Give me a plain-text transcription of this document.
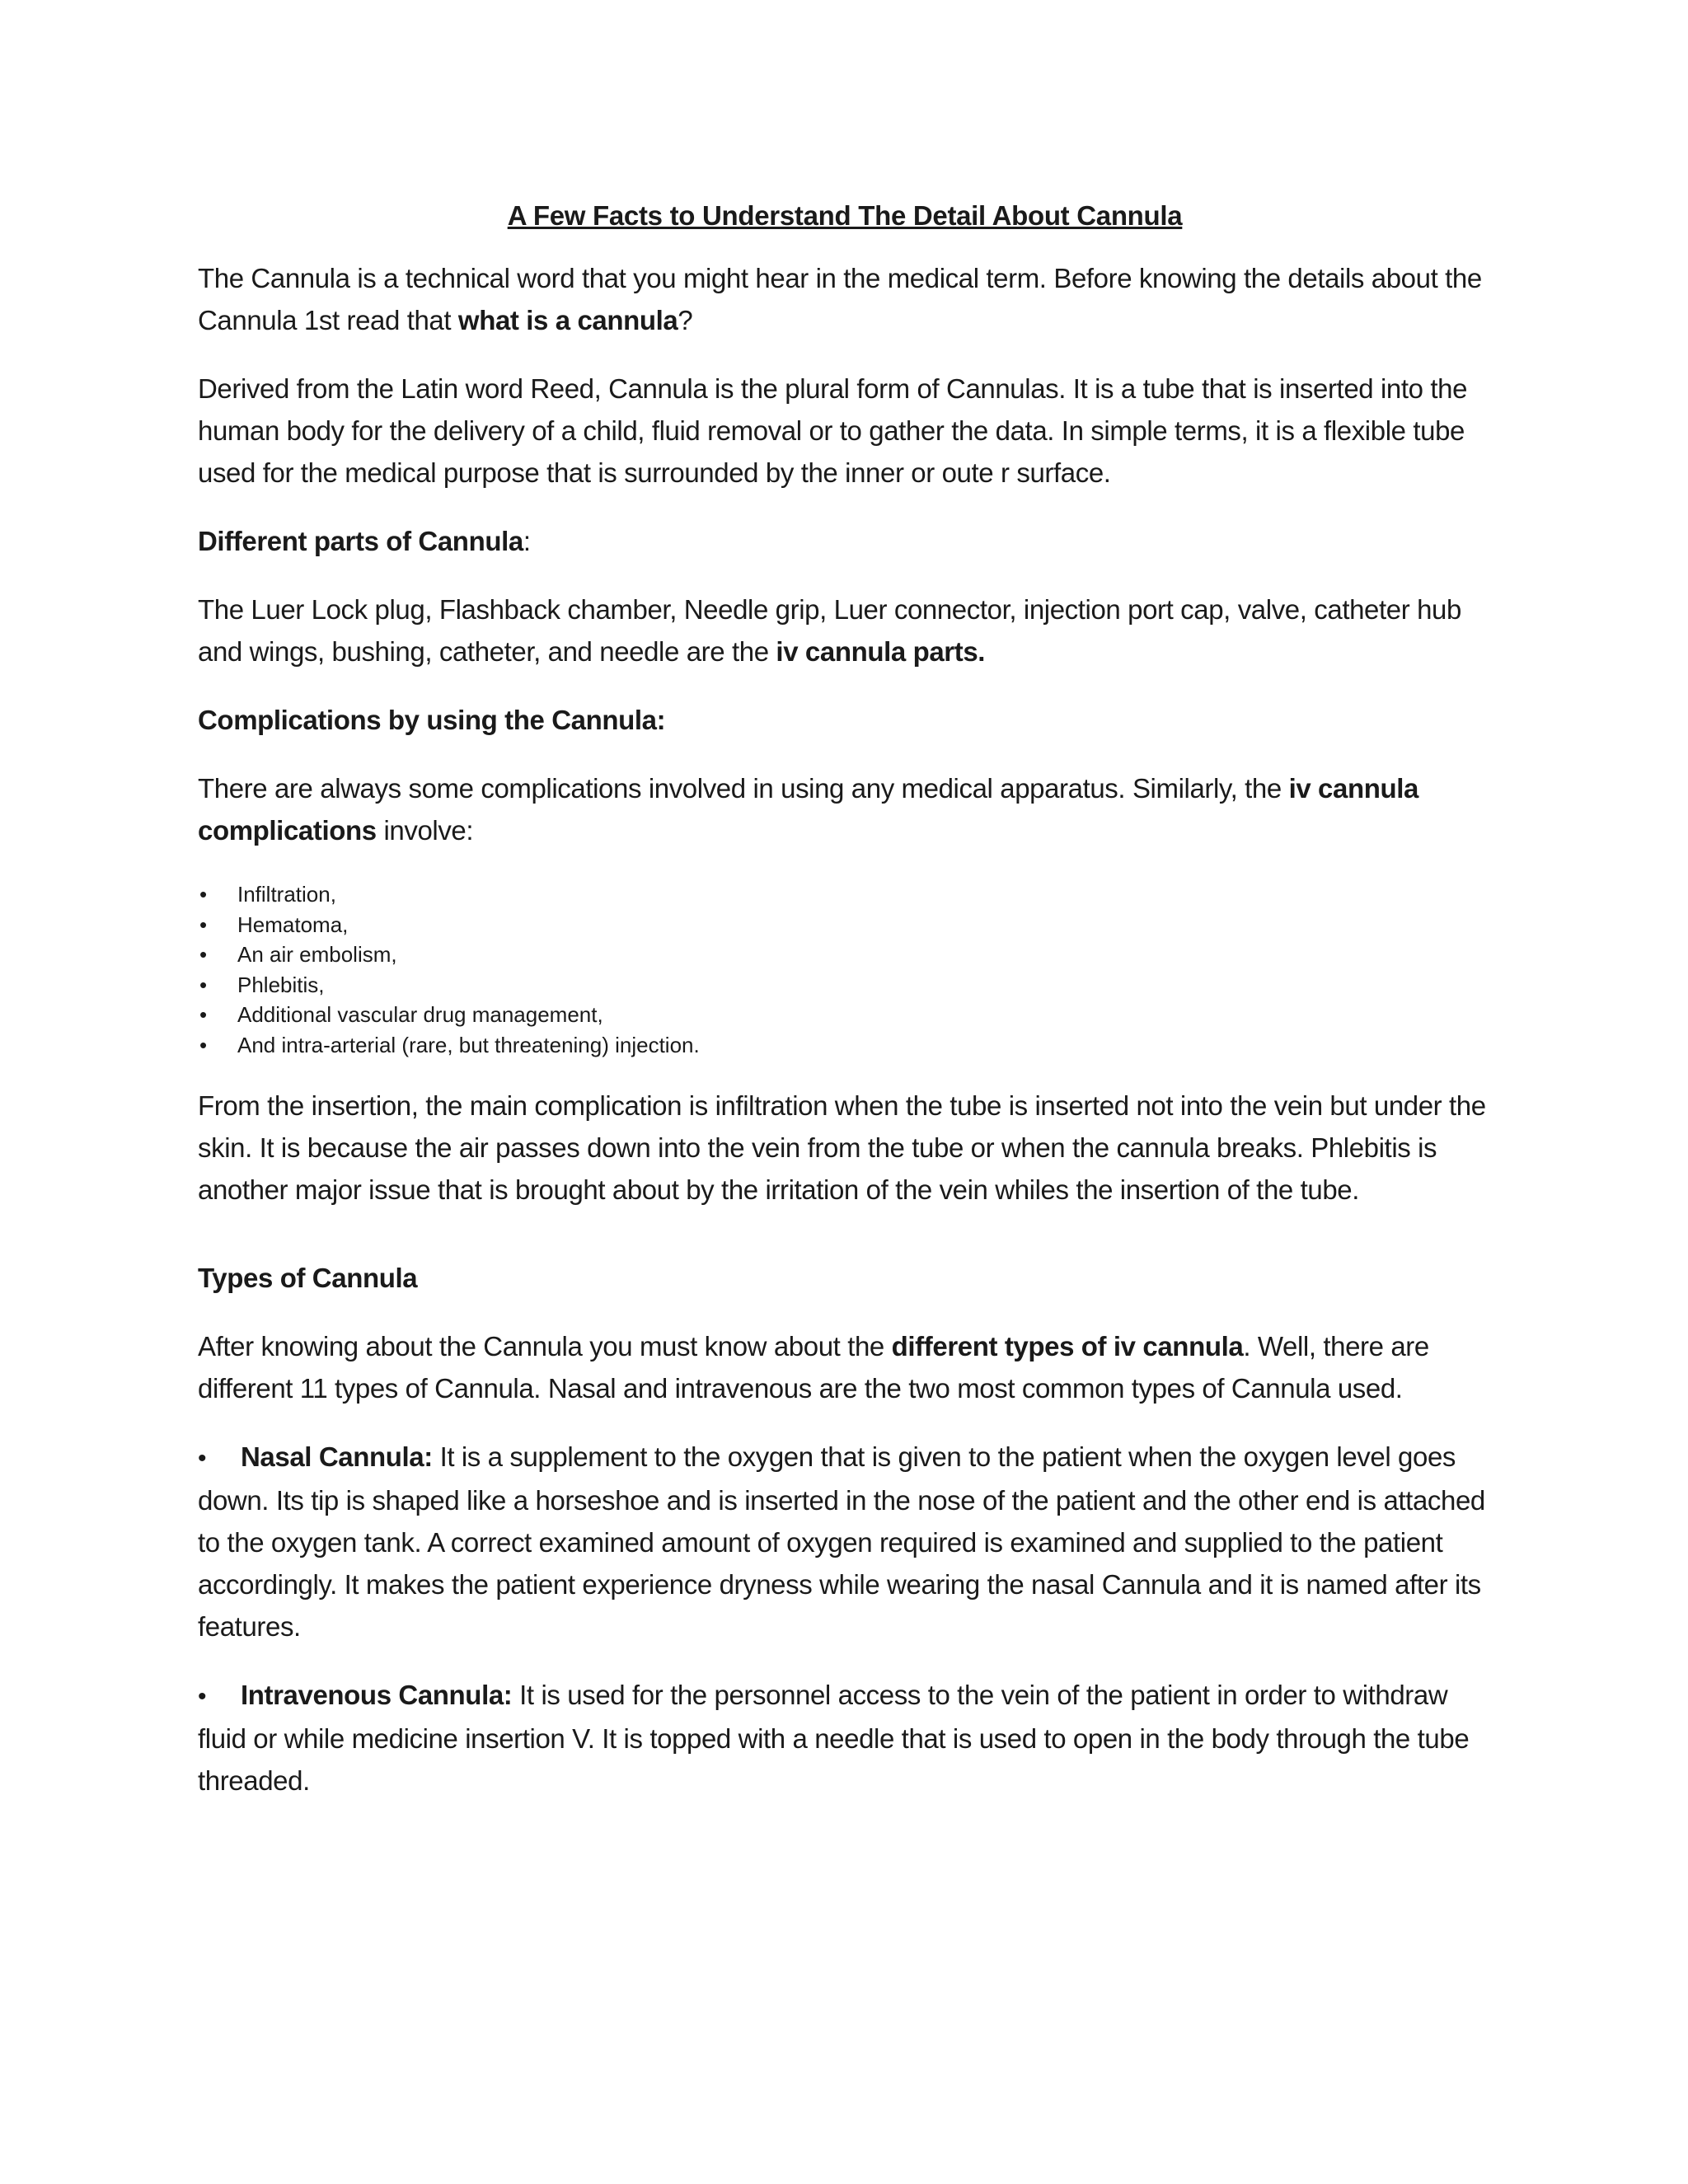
A Few Facts to Understand The Detail About Cannula

The Cannula is a technical word that you might hear in the medical term. Before knowing the details about the Cannula 1st read that what is a cannula?

Derived from the Latin word Reed, Cannula is the plural form of Cannulas. It is a tube that is inserted into the human body for the delivery of a child, fluid removal or to gather the data. In simple terms, it is a flexible tube used for the medical purpose that is surrounded by the inner or oute r surface.

Different parts of Cannula:

The Luer Lock plug, Flashback chamber, Needle grip, Luer connector, injection port cap, valve, catheter hub and wings, bushing, catheter, and needle are the iv cannula parts.

Complications by using the Cannula:

There are always some complications involved in using any medical apparatus. Similarly, the iv cannula complications involve:

• Infiltration,
• Hematoma,
• An air embolism,
• Phlebitis,
• Additional vascular drug management,
• And intra-arterial (rare, but threatening) injection.

From the insertion, the main complication is infiltration when the tube is inserted not into the vein but under the skin. It is because the air passes down into the vein from the tube or when the cannula breaks. Phlebitis is another major issue that is brought about by the irritation of the vein whiles the insertion of the tube.

Types of Cannula

After knowing about the Cannula you must know about the different types of iv cannula. Well, there are different 11 types of Cannula. Nasal and intravenous are the two most common types of Cannula used.

• Nasal Cannula: It is a supplement to the oxygen that is given to the patient when the oxygen level goes down. Its tip is shaped like a horseshoe and is inserted in the nose of the patient and the other end is attached to the oxygen tank. A correct examined amount of oxygen required is examined and supplied to the patient accordingly. It makes the patient experience dryness while wearing the nasal Cannula and it is named after its features.

• Intravenous Cannula: It is used for the personnel access to the vein of the patient in order to withdraw fluid or while medicine insertion V. It is topped with a needle that is used to open in the body through the tube threaded.
